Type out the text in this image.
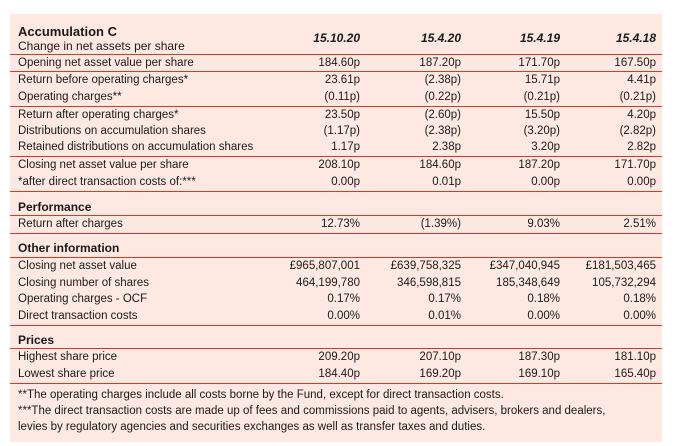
Accumulation C
Change in net assets per share
15.10.20	15.4.20	15.4.19	15.4.18
Opening net asset value per share	184.60p	187.20p	171.70p	167.50p
Return before operating charges*	23.61p	(2.38p)	15.71p	4.41p
Operating charges**	(0.11p)	(0.22p)	(0.21p)	(0.21p)
Return after operating charges*	23.50p	(2.60p)	15.50p	4.20p
Distributions on accumulation shares	(1.17p)	(2.38p)	(3.20p)	(2.82p)
Retained distributions on accumulation shares	1.17p	2.38p	3.20p	2.82p
Closing net asset value per share	208.10p	184.60p	187.20p	171.70p
*after direct transaction costs of:***	0.00p	0.01p	0.00p	0.00p
Performance
Return after charges	12.73%	(1.39%)	9.03%	2.51%
Other information
Closing net asset value	£965,807,001	£639,758,325 £347,040,945 £181,503,465
Closing number of shares	464,199,780	346,598,815	185,348,649	105,732,294
Operating charges - OCF	0.17%	0.17%	0.18%	0.18%
Direct transaction costs	0.00%	0.01%	0.00%	0.00%
Prices
Highest share price	209.20p	207.10p	187.30p	181.10p
Lowest share price	184.40p	169.20p	169.10p	165.40p
**The operating charges include all costs borne by the Fund, except for direct transaction costs.
***The direct transaction costs are made up of fees and commissions paid to agents, advisers, brokers and dealers,
levies by regulatory agencies and securities exchanges as well as transfer taxes and duties.
